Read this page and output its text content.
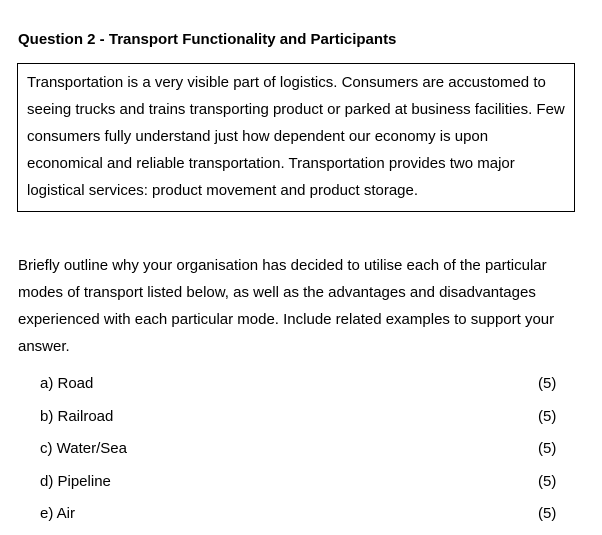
Question 2 - Transport Functionality and Participants

Transportation is a very visible part of logistics. Consumers are accustomed to seeing trucks and trains transporting product or parked at business facilities. Few consumers fully understand just how dependent our economy is upon economical and reliable transportation. Transportation provides two major logistical services: product movement and product storage.

Briefly outline why your organisation has decided to utilise each of the particular modes of transport listed below, as well as the advantages and disadvantages experienced with each particular mode. Include related examples to support your answer.

a) Road	(5)
b) Railroad	(5)
c) Water/Sea	(5)
d) Pipeline	(5)
e) Air	(5)
